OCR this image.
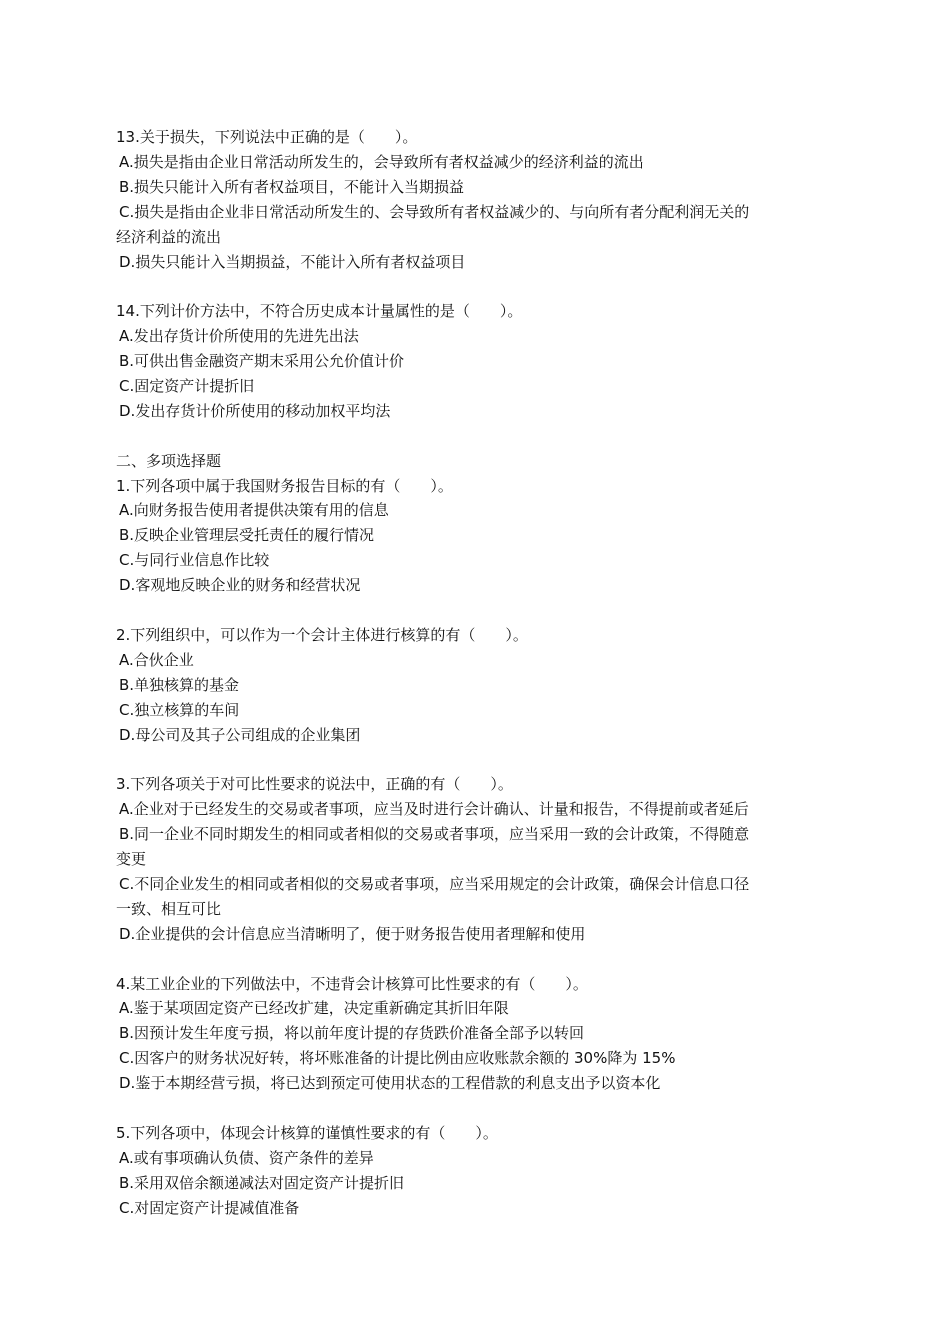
13.关于损失，下列说法中正确的是（　　）。
A.损失是指由企业日常活动所发生的，会导致所有者权益减少的经济利益的流出
B.损失只能计入所有者权益项目，不能计入当期损益
C.损失是指由企业非日常活动所发生的、会导致所有者权益减少的、与向所有者分配利润无关的
经济利益的流出
D.损失只能计入当期损益，不能计入所有者权益项目
14.下列计价方法中，不符合历史成本计量属性的是（　　）。
A.发出存货计价所使用的先进先出法
B.可供出售金融资产期末采用公允价值计价
C.固定资产计提折旧
D.发出存货计价所使用的移动加权平均法
二、多项选择题
1.下列各项中属于我国财务报告目标的有（　　）。
A.向财务报告使用者提供决策有用的信息
B.反映企业管理层受托责任的履行情况
C.与同行业信息作比较
D.客观地反映企业的财务和经营状况
2.下列组织中，可以作为一个会计主体进行核算的有（　　）。
A.合伙企业
B.单独核算的基金
C.独立核算的车间
D.母公司及其子公司组成的企业集团
3.下列各项关于对可比性要求的说法中，正确的有（　　）。
A.企业对于已经发生的交易或者事项，应当及时进行会计确认、计量和报告，不得提前或者延后
B.同一企业不同时期发生的相同或者相似的交易或者事项，应当采用一致的会计政策，不得随意
变更
C.不同企业发生的相同或者相似的交易或者事项，应当采用规定的会计政策，确保会计信息口径
一致、相互可比
D.企业提供的会计信息应当清晰明了，便于财务报告使用者理解和使用
4.某工业企业的下列做法中，不违背会计核算可比性要求的有（　　）。
A.鉴于某项固定资产已经改扩建，决定重新确定其折旧年限
B.因预计发生年度亏损，将以前年度计提的存货跌价准备全部予以转回
C.因客户的财务状况好转，将坏账准备的计提比例由应收账款余额的 30%降为 15%
D.鉴于本期经营亏损，将已达到预定可使用状态的工程借款的利息支出予以资本化
5.下列各项中，体现会计核算的谨慎性要求的有（　　）。
A.或有事项确认负债、资产条件的差异
B.采用双倍余额递减法对固定资产计提折旧
C.对固定资产计提减值准备
